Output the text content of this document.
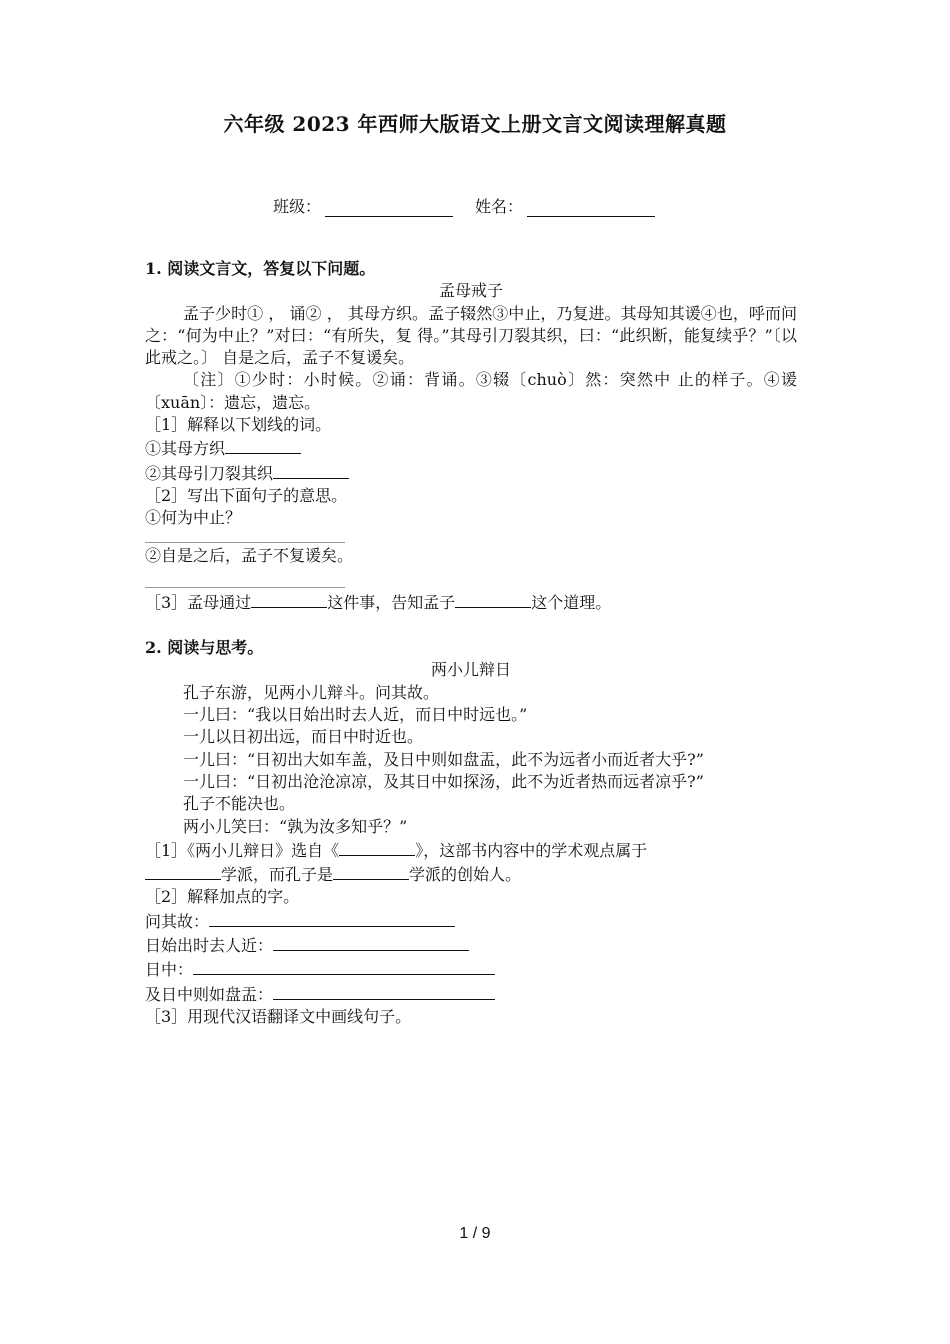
六年级 2023 年西师大版语文上册文言文阅读理解真题
班级：	姓名：
1. 阅读文言文，答复以下问题。
孟母戒子
孟子少时① ， 诵② ， 其母方织。孟子辍然③中止，乃复进。其母知其谖④也，呼而问之：“何为中止？”对曰：“有所失，复 得。”其母引刀裂其织，曰：“此织断，能复续乎？”〔以此戒之。〕 自是之后，孟子不复谖矣。
〔注〕①少时：小时候。②诵：背诵。③辍〔chuò〕然：突然中 止的样子。④谖〔xuān〕：遗忘，遗忘。
［1］解释以下划线的词。
①其母方织
②其母引刀裂其织
［2］写出下面句子的意思。
①何为中止？
②自是之后，孟子不复谖矣。
［3］孟母通过	这件事，告知孟子	这个道理。
2. 阅读与思考。
两小儿辩日
孔子东游，见两小儿辩斗。问其故。
一儿曰：“我以日始出时去人近，而日中时远也。”
一儿以日初出远，而日中时近也。
一儿曰：“日初出大如车盖，及日中则如盘盂，此不为远者小而近者大乎?”
一儿曰：“日初出沧沧凉凉，及其日中如探汤，此不为近者热而远者凉乎?”
孔子不能决也。
两小儿笑曰：“孰为汝多知乎？”
［1］《两小儿辩日》选自《	》，这部书内容中的学术观点属于
学派，而孔子是	学派的创始人。
［2］解释加点的字。
问其故：
日始出时去人近：
日中：
及日中则如盘盂：
［3］用现代汉语翻译文中画线句子。
1 / 9
